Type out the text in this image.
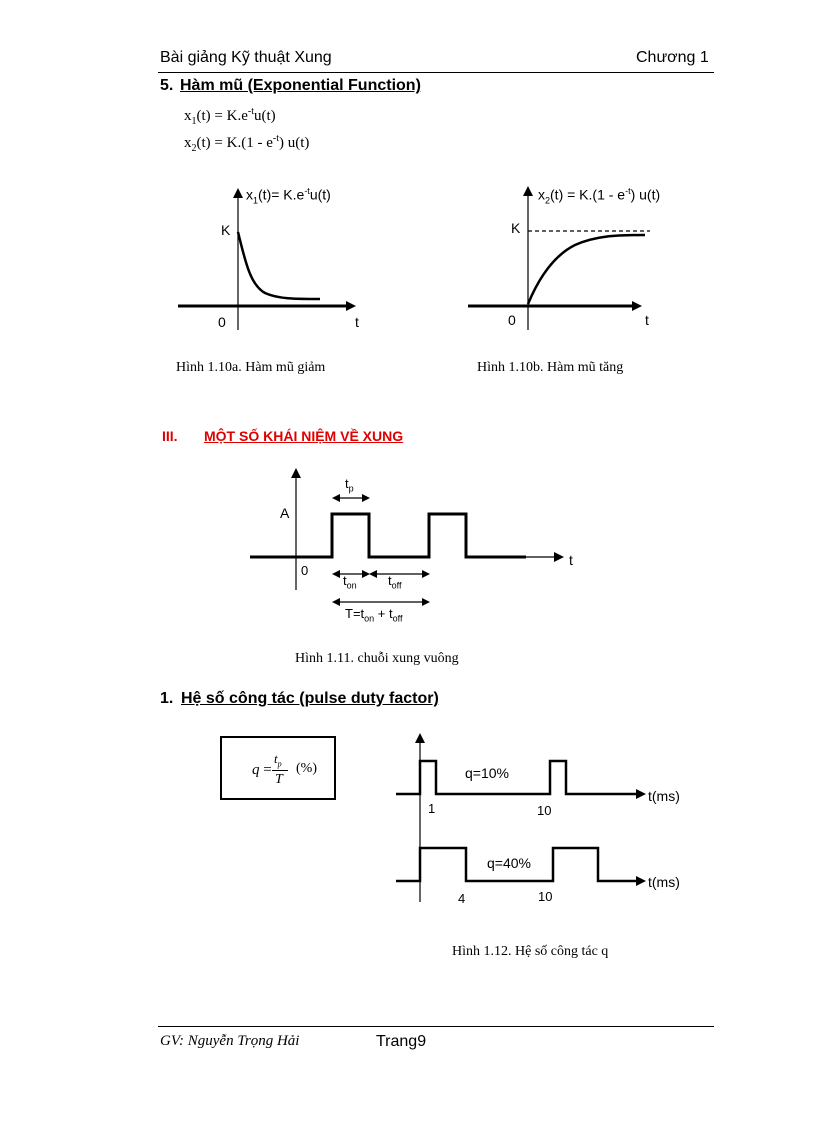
Bài giảng Kỹ thuật Xung	Chương 1
5. Hàm mũ (Exponential Function)
$x_1(t) = K.e^{-t}u(t)$
$x_2(t) = K.(1 - e^{-t})$ u(t)
$x_1(t)= K.e^{-t}u(t)$
K
0	t
Hình 1.10a. Hàm mũ giảm
$x_2(t) = K.(1 - e^{-t})$ u(t)
K
0	t
Hình 1.10b. Hàm mũ tăng
III. MỘT SỐ KHÁI NIỆM VỀ XUNG
$t_p$
A
0
t
$t_{on}$ $t_{off}$
$T=t_{on} + t_{off}$
Hình 1.11. chuỗi xung vuông
1. Hệ số công tác (pulse duty factor)
q =
$t_p$
T
(%)	q=10%
1	10
t(ms)
q=40%
4	10
t(ms)
Hình 1.12. Hệ số công tác q
GV: Nguyễn Trọng Hải	Trang9
